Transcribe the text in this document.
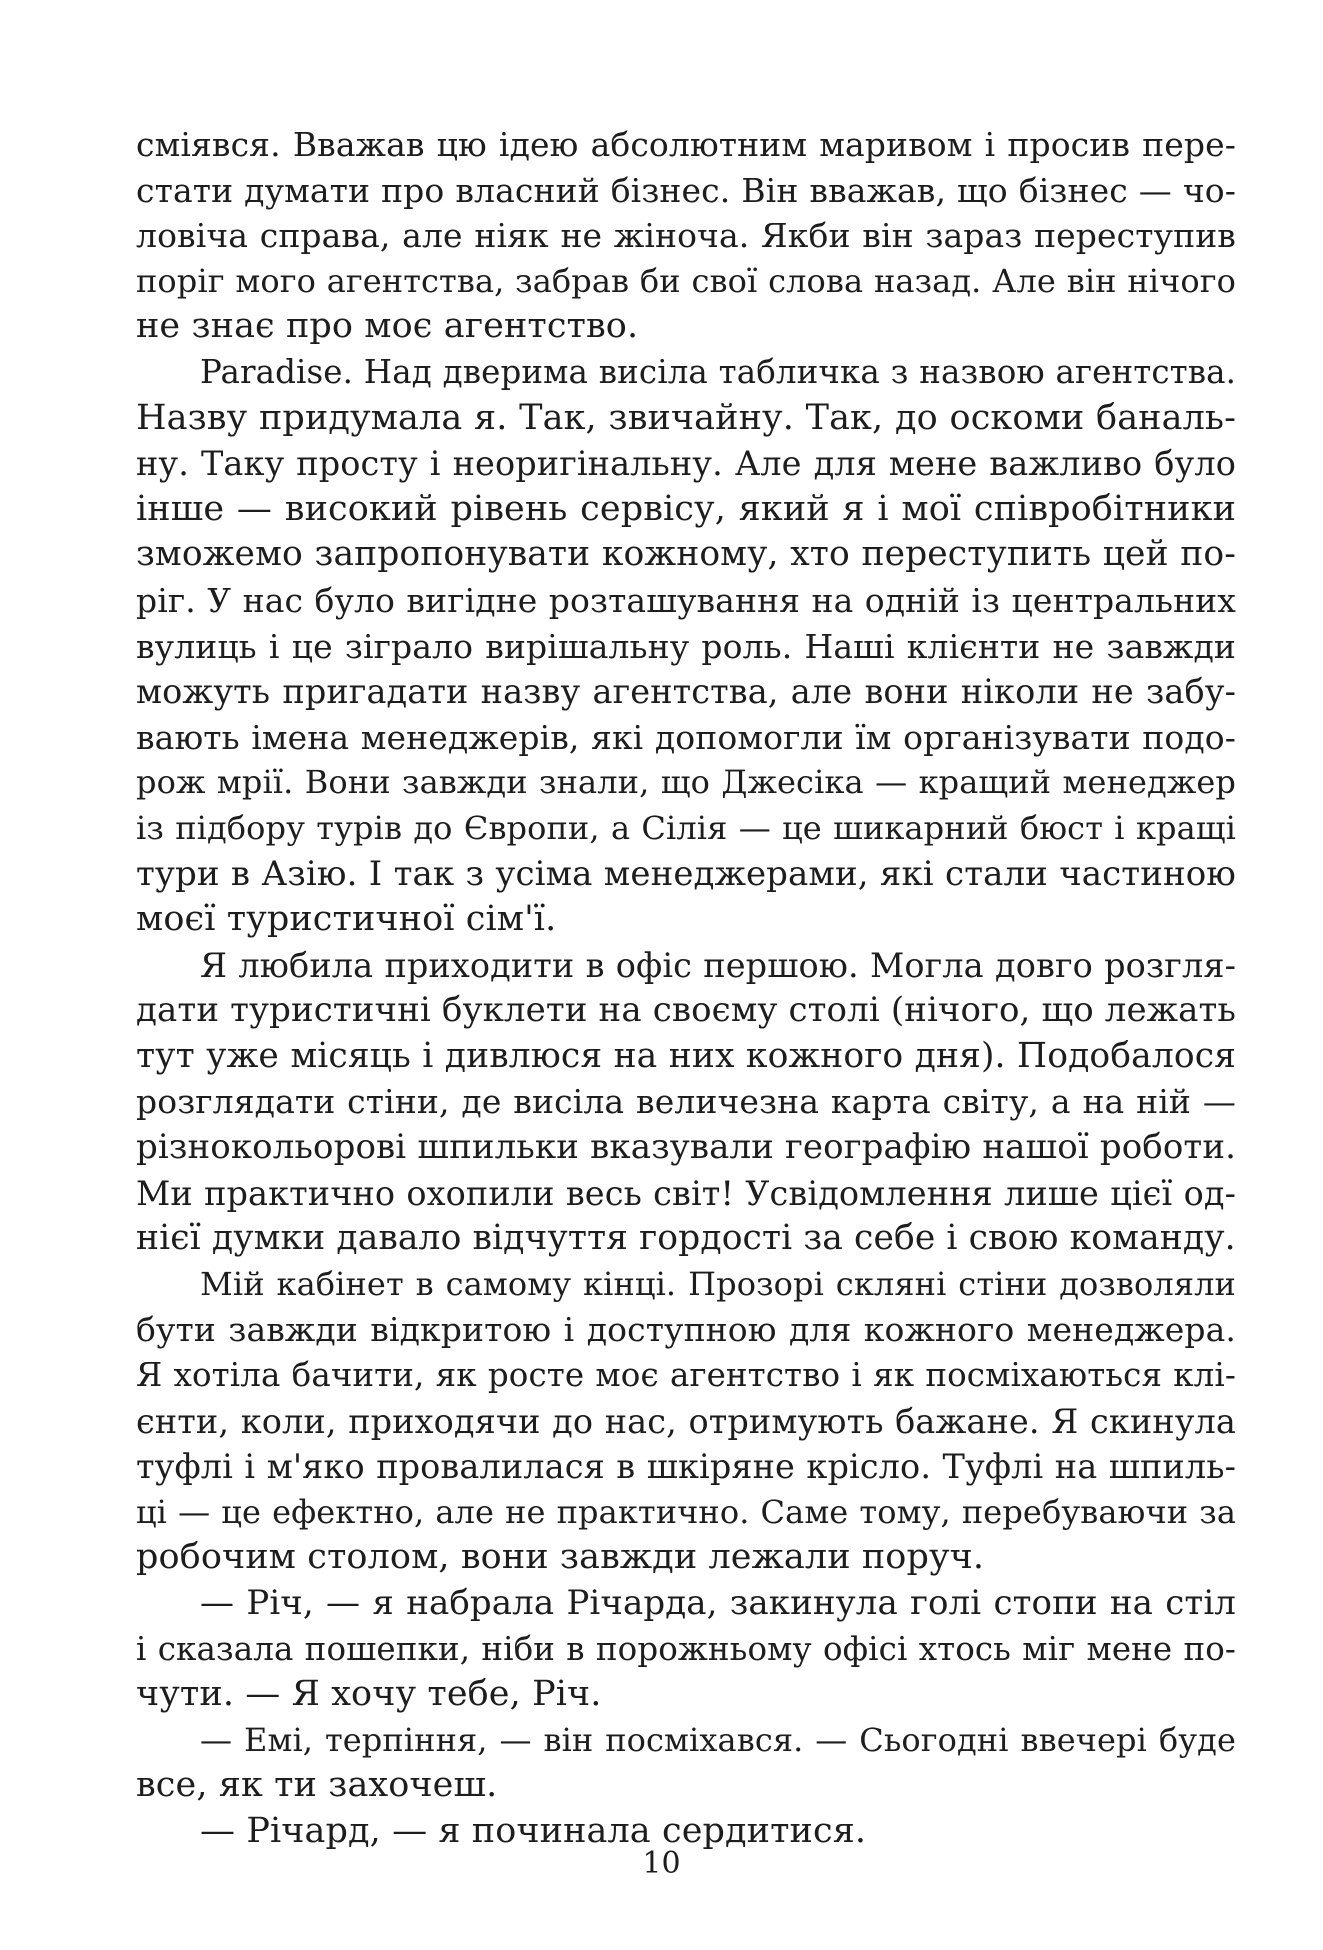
сміявся. Вважав цю ідею абсолютним маривом і просив пере-
стати думати про власний бізнес. Він вважав, що бізнес — чо-
ловіча справа, але ніяк не жіноча. Якби він зараз переступив
поріг мого агентства, забрав би свої слова назад. Але він нічого
не знає про моє агентство.
Paradise. Над дверима висіла табличка з назвою агентства.
Назву придумала я. Так, звичайну. Так, до оскоми баналь-
ну. Таку просту і неоригінальну. Але для мене важливо було
інше — високий рівень сервісу, який я і мої співробітники
зможемо запропонувати кожному, хто переступить цей по-
ріг. У нас було вигідне розташування на одній із центральних
вулиць і це зіграло вирішальну роль. Наші клієнти не завжди
можуть пригадати назву агентства, але вони ніколи не забу-
вають імена менеджерів, які допомогли їм організувати подо-
рож мрії. Вони завжди знали, що Джесіка — кращий менеджер
із підбору турів до Європи, а Сілія — це шикарний бюст і кращі
тури в Азію. І так з усіма менеджерами, які стали частиною
моєї туристичної сім'ї.
Я любила приходити в офіс першою. Могла довго розгля-
дати туристичні буклети на своєму столі (нічого, що лежать
тут уже місяць і дивлюся на них кожного дня). Подобалося
розглядати стіни, де висіла величезна карта світу, а на ній —
різнокольорові шпильки вказували географію нашої роботи.
Ми практично охопили весь світ! Усвідомлення лише цієї од-
нієї думки давало відчуття гордості за себе і свою команду.
Мій кабінет в самому кінці. Прозорі скляні стіни дозволяли
бути завжди відкритою і доступною для кожного менеджера.
Я хотіла бачити, як росте моє агентство і як посміхаються клі-
єнти, коли, приходячи до нас, отримують бажане. Я скинула
туфлі і м'яко провалилася в шкіряне крісло. Туфлі на шпиль-
ці — це ефектно, але не практично. Саме тому, перебуваючи за
робочим столом, вони завжди лежали поруч.
— Річ, — я набрала Річарда, закинула голі стопи на стіл
і сказала пошепки, ніби в порожньому офісі хтось міг мене по-
чути. — Я хочу тебе, Річ.
— Емі, терпіння, — він посміхався. — Сьогодні ввечері буде
все, як ти захочеш.
— Річард, — я починала сердитися.
10
